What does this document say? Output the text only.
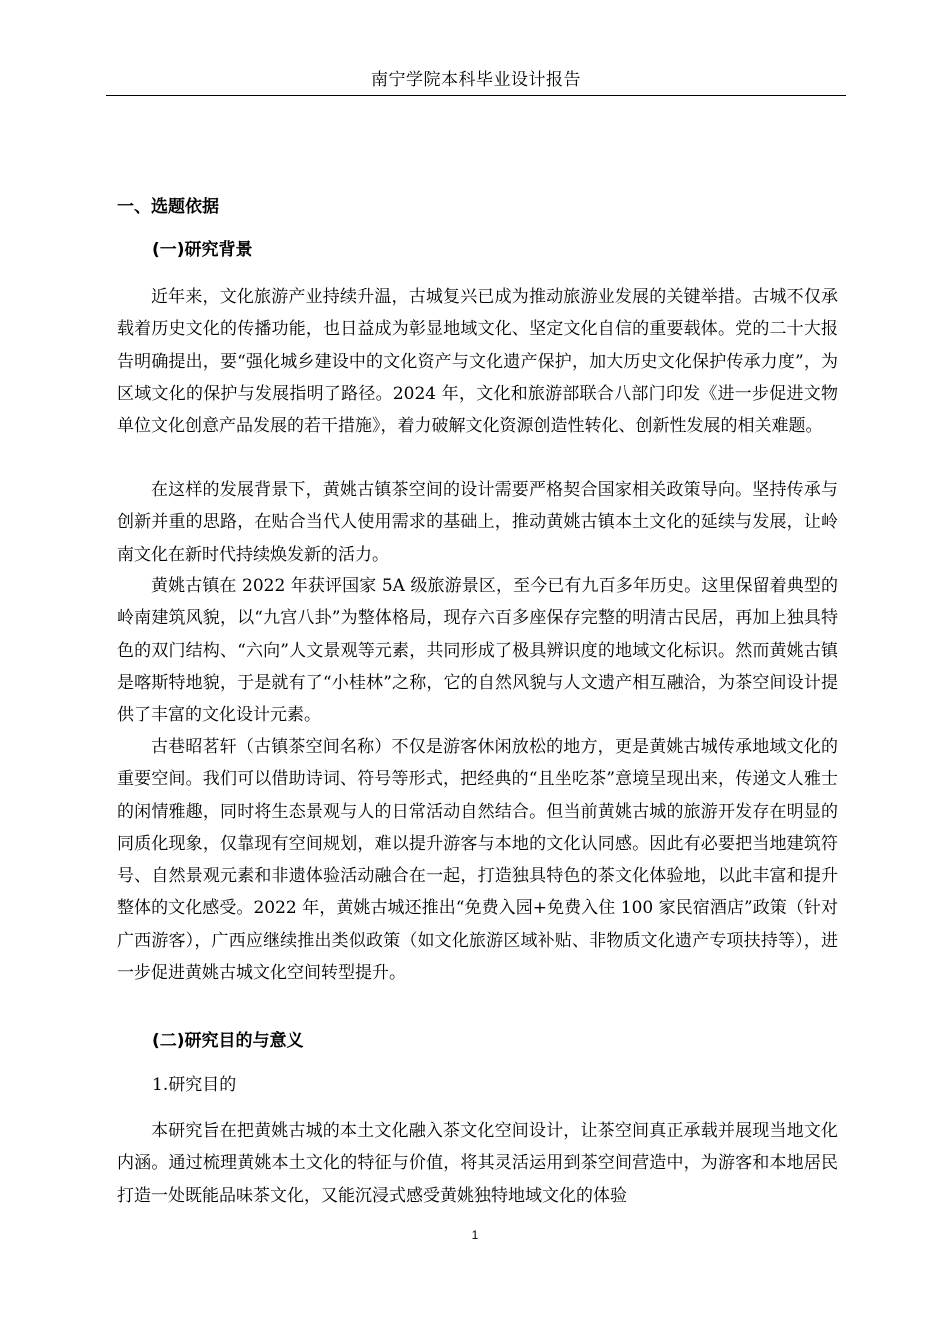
南宁学院本科毕业设计报告
一、选题依据
(一)研究背景

近年来，文化旅游产业持续升温，古城复兴已成为推动旅游业发展的关键举措。古城不仅承载着历史文化的传播功能，也日益成为彰显地域文化、坚定文化自信的重要载体。党的二十大报告明确提出，要“强化城乡建设中的文化资产与文化遗产保护，加大历史文化保护传承力度”，为区域文化的保护与发展指明了路径。2024 年，文化和旅游部联合八部门印发《进一步促进文物单位文化创意产品发展的若干措施》，着力破解文化资源创造性转化、创新性发展的相关难题。

在这样的发展背景下，黄姚古镇茶空间的设计需要严格契合国家相关政策导向。坚持传承与创新并重的思路，在贴合当代人使用需求的基础上，推动黄姚古镇本土文化的延续与发展，让岭南文化在新时代持续焕发新的活力。

黄姚古镇在 2022 年获评国家 5A 级旅游景区，至今已有九百多年历史。这里保留着典型的岭南建筑风貌，以“九宫八卦”为整体格局，现存六百多座保存完整的明清古民居，再加上独具特色的双门结构、“六向”人文景观等元素，共同形成了极具辨识度的地域文化标识。然而黄姚古镇是喀斯特地貌，于是就有了“小桂林”之称，它的自然风貌与人文遗产相互融洽，为茶空间设计提供了丰富的文化设计元素。

古巷昭茗轩（古镇茶空间名称）不仅是游客休闲放松的地方，更是黄姚古城传承地域文化的重要空间。我们可以借助诗词、符号等形式，把经典的“且坐吃茶”意境呈现出来，传递文人雅士的闲情雅趣，同时将生态景观与人的日常活动自然结合。但当前黄姚古城的旅游开发存在明显的同质化现象，仅靠现有空间规划，难以提升游客与本地的文化认同感。因此有必要把当地建筑符号、自然景观元素和非遗体验活动融合在一起，打造独具特色的茶文化体验地，以此丰富和提升整体的文化感受。2022 年，黄姚古城还推出“免费入园+免费入住 100 家民宿酒店”政策（针对广西游客），广西应继续推出类似政策（如文化旅游区域补贴、非物质文化遗产专项扶持等），进一步促进黄姚古城文化空间转型提升。

(二)研究目的与意义
1.研究目的

本研究旨在把黄姚古城的本土文化融入茶文化空间设计，让茶空间真正承载并展现当地文化内涵。通过梳理黄姚本土文化的特征与价值，将其灵活运用到茶空间营造中，为游客和本地居民打造一处既能品味茶文化，又能沉浸式感受黄姚独特地域文化的体验

1
